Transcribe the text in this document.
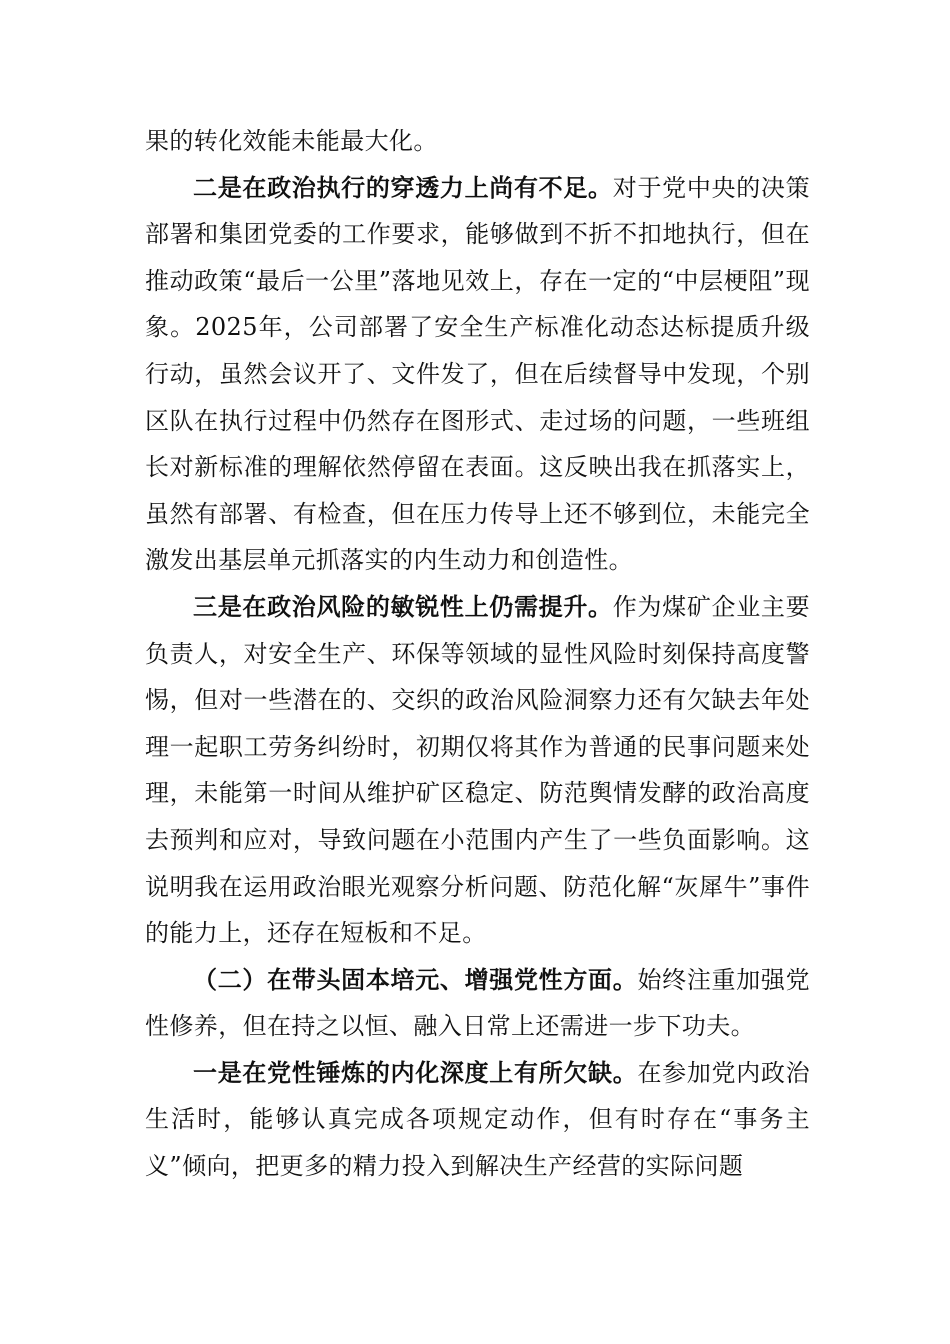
果的转化效能未能最大化。

二是在政治执行的穿透力上尚有不足。对于党中央的决策部署和集团党委的工作要求，能够做到不折不扣地执行，但在推动政策“最后一公里”落地见效上，存在一定的“中层梗阻”现象。2025年，公司部署了安全生产标准化动态达标提质升级行动，虽然会议开了、文件发了，但在后续督导中发现，个别区队在执行过程中仍然存在图形式、走过场的问题，一些班组长对新标准的理解依然停留在表面。这反映出我在抓落实上，虽然有部署、有检查，但在压力传导上还不够到位，未能完全激发出基层单元抓落实的内生动力和创造性。

三是在政治风险的敏锐性上仍需提升。作为煤矿企业主要负责人，对安全生产、环保等领域的显性风险时刻保持高度警惕，但对一些潜在的、交织的政治风险洞察力还有欠缺去年处理一起职工劳务纠纷时，初期仅将其作为普通的民事问题来处理，未能第一时间从维护矿区稳定、防范舆情发酵的政治高度去预判和应对，导致问题在小范围内产生了一些负面影响。这说明我在运用政治眼光观察分析问题、防范化解“灰犀牛”事件的能力上，还存在短板和不足。

（二）在带头固本培元、增强党性方面。始终注重加强党性修养，但在持之以恒、融入日常上还需进一步下功夫。

一是在党性锤炼的内化深度上有所欠缺。在参加党内政治生活时，能够认真完成各项规定动作，但有时存在“事务主义”倾向，把更多的精力投入到解决生产经营的实际问题
